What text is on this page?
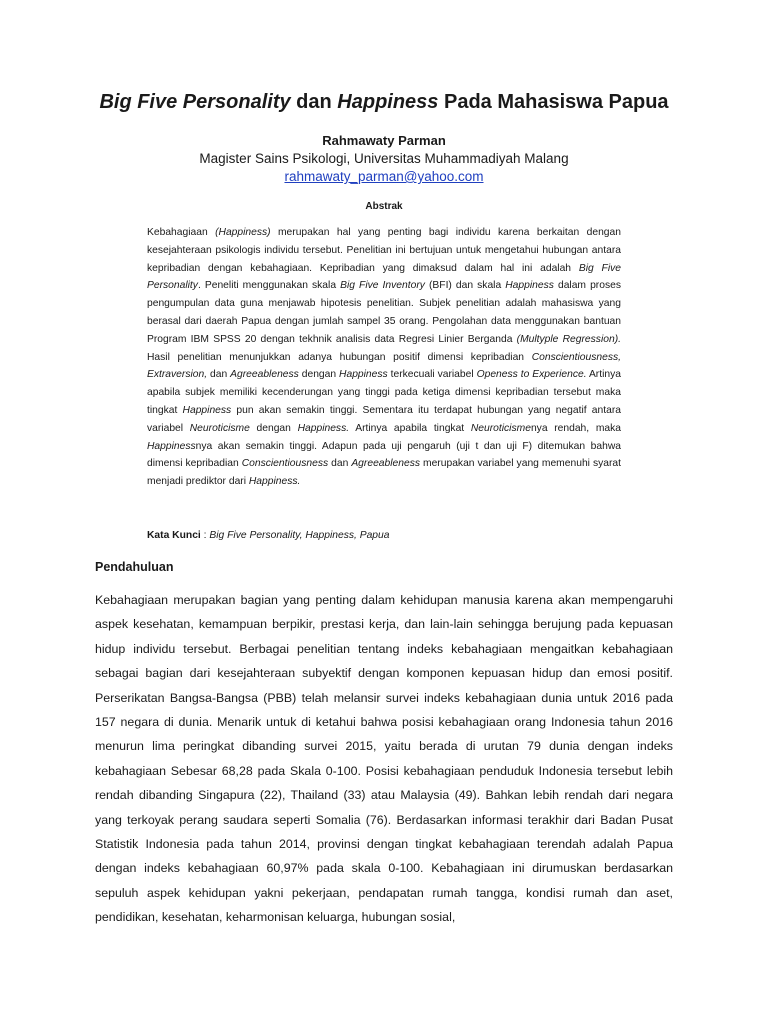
Big Five Personality dan Happiness Pada Mahasiswa Papua
Rahmawaty Parman
Magister Sains Psikologi, Universitas Muhammadiyah Malang
rahmawaty_parman@yahoo.com
Abstrak
Kebahagiaan (Happiness) merupakan hal yang penting bagi individu karena berkaitan dengan kesejahteraan psikologis individu tersebut. Penelitian ini bertujuan untuk mengetahui hubungan antara kepribadian dengan kebahagiaan. Kepribadian yang dimaksud dalam hal ini adalah Big Five Personality. Peneliti menggunakan skala Big Five Inventory (BFI) dan skala Happiness dalam proses pengumpulan data guna menjawab hipotesis penelitian. Subjek penelitian adalah mahasiswa yang berasal dari daerah Papua dengan jumlah sampel 35 orang. Pengolahan data menggunakan bantuan Program IBM SPSS 20 dengan tekhnik analisis data Regresi Linier Berganda (Multyple Regression). Hasil penelitian menunjukkan adanya hubungan positif dimensi kepribadian Conscientiousness, Extraversion, dan Agreeableness dengan Happiness terkecuali variabel Openess to Experience. Artinya apabila subjek memiliki kecenderungan yang tinggi pada ketiga dimensi kepribadian tersebut maka tingkat Happiness pun akan semakin tinggi. Sementara itu terdapat hubungan yang negatif antara variabel Neuroticisme dengan Happiness. Artinya apabila tingkat Neuroticismenya rendah, maka Happinessnya akan semakin tinggi. Adapun pada uji pengaruh (uji t dan uji F) ditemukan bahwa dimensi kepribadian Conscientiousness dan Agreeableness merupakan variabel yang memenuhi syarat menjadi prediktor dari Happiness.
Kata Kunci : Big Five Personality, Happiness, Papua
Pendahuluan
Kebahagiaan merupakan bagian yang penting dalam kehidupan manusia karena akan mempengaruhi aspek kesehatan, kemampuan berpikir, prestasi kerja, dan lain-lain sehingga berujung pada kepuasan hidup individu tersebut. Berbagai penelitian tentang indeks kebahagiaan mengaitkan kebahagiaan sebagai bagian dari kesejahteraan subyektif dengan komponen kepuasan hidup dan emosi positif. Perserikatan Bangsa-Bangsa (PBB) telah melansir survei indeks kebahagiaan dunia untuk 2016 pada 157 negara di dunia. Menarik untuk di ketahui bahwa posisi kebahagiaan orang Indonesia tahun 2016 menurun lima peringkat dibanding survei 2015, yaitu berada di urutan 79 dunia dengan indeks kebahagiaan Sebesar 68,28 pada Skala 0-100. Posisi kebahagiaan penduduk Indonesia tersebut lebih rendah dibanding Singapura (22), Thailand (33) atau Malaysia (49). Bahkan lebih rendah dari negara yang terkoyak perang saudara seperti Somalia (76). Berdasarkan informasi terakhir dari Badan Pusat Statistik Indonesia pada tahun 2014, provinsi dengan tingkat kebahagiaan terendah adalah Papua dengan indeks kebahagiaan 60,97% pada skala 0-100. Kebahagiaan ini dirumuskan berdasarkan sepuluh aspek kehidupan yakni pekerjaan, pendapatan rumah tangga, kondisi rumah dan aset, pendidikan, kesehatan, keharmonisan keluarga, hubungan sosial,
